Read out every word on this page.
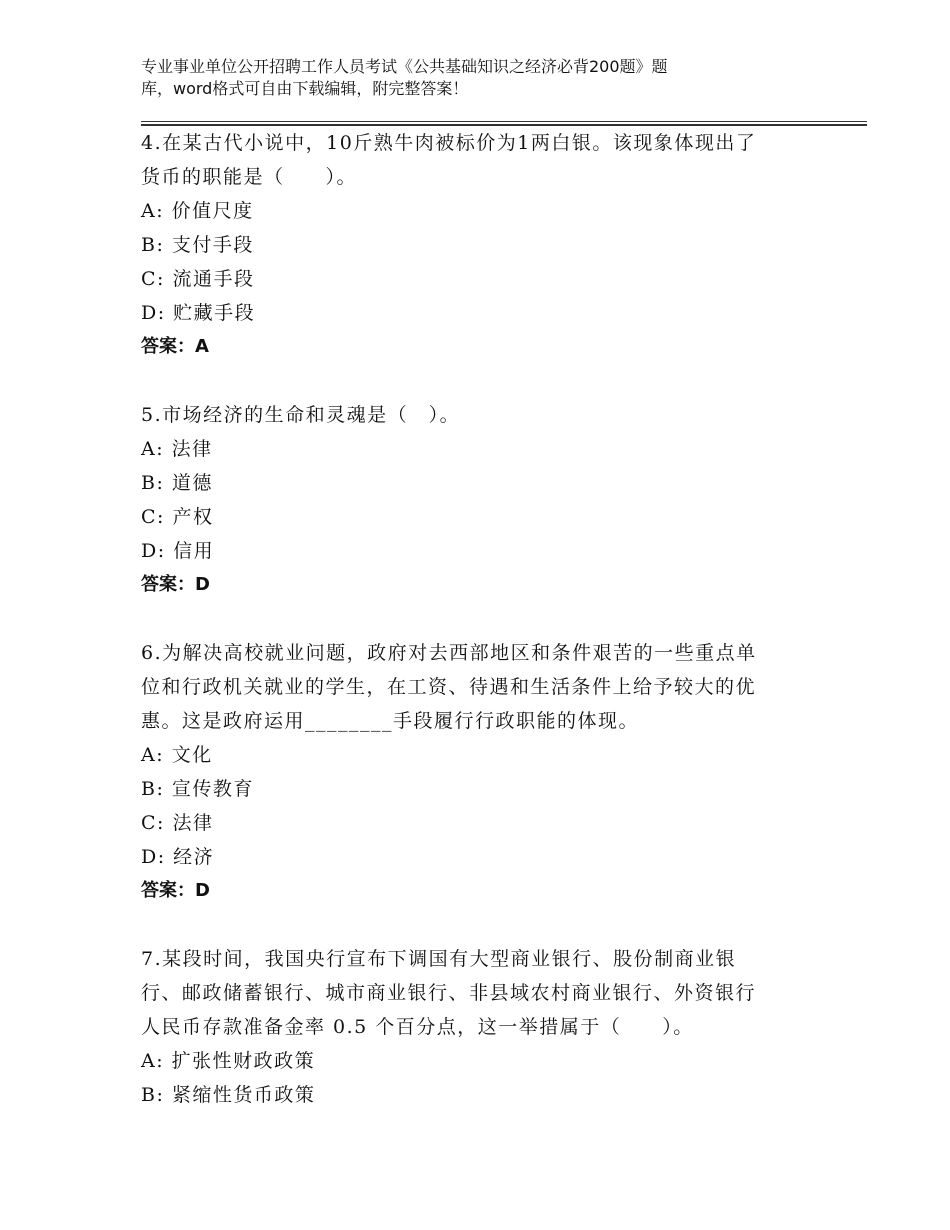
专业事业单位公开招聘工作人员考试《公共基础知识之经济必背200题》题
库，word格式可自由下载编辑，附完整答案！

4.在某古代小说中，10斤熟牛肉被标价为1两白银。该现象体现出了

货币的职能是（　　）。

A: 价值尺度

B: 支付手段

C: 流通手段

D: 贮藏手段

答案：A

5.市场经济的生命和灵魂是（　）。

A: 法律

B: 道德

C: 产权

D: 信用

答案：D

6.为解决高校就业问题，政府对去西部地区和条件艰苦的一些重点单

位和行政机关就业的学生，在工资、待遇和生活条件上给予较大的优

惠。这是政府运用________手段履行行政职能的体现。

A: 文化

B: 宣传教育

C: 法律

D: 经济

答案：D

7.某段时间，我国央行宣布下调国有大型商业银行、股份制商业银

行、邮政储蓄银行、城市商业银行、非县域农村商业银行、外资银行

人民币存款准备金率 0.5 个百分点，这一举措属于（　　）。

A: 扩张性财政政策

B: 紧缩性货币政策
